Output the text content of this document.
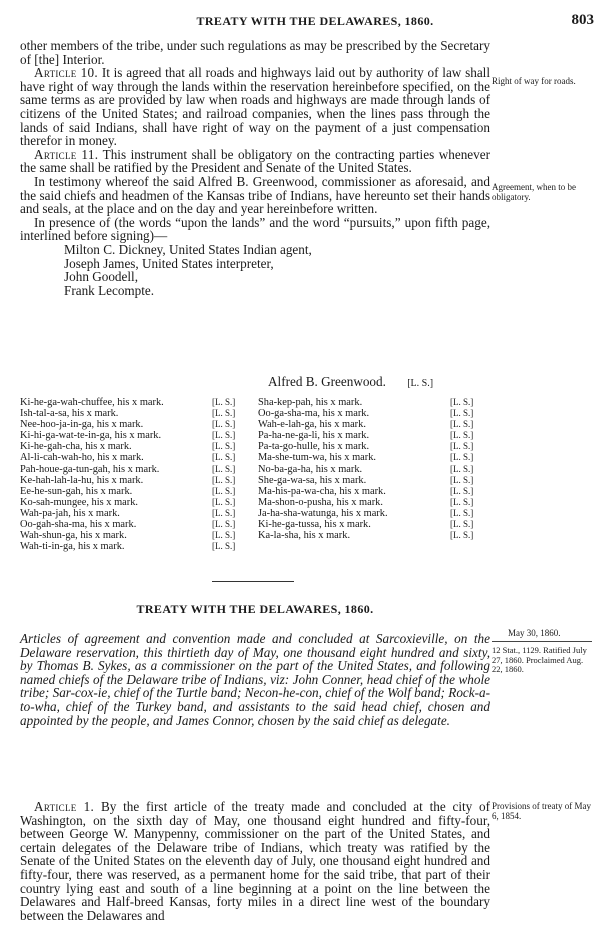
TREATY WITH THE DELAWARES, 1860.	803

other members of the tribe, under such regulations as may be prescribed by the Secretary of [the] Interior.

Article 10. It is agreed that all roads and highways laid out by authority of law shall have right of way through the lands within the reservation hereinbefore specified, on the same terms as are provided by law when roads and highways are made through lands of citizens of the United States; and railroad companies, when the lines pass through the lands of said Indians, shall have right of way on the payment of a just compensation therefor in money.

Article 11. This instrument shall be obligatory on the contracting parties whenever the same shall be ratified by the President and Senate of the United States.

In testimony whereof the said Alfred B. Greenwood, commissioner as aforesaid, and the said chiefs and headmen of the Kansas tribe of Indians, have hereunto set their hands and seals, at the place and on the day and year hereinbefore written.

In presence of (the words “upon the lands” and the word “pursuits,” upon fifth page, interlined before signing)—

Milton C. Dickney, United States Indian agent,
Joseph James, United States interpreter,
John Goodell,
Frank Lecompte.
Right of way for roads.
Agreement, when to be obligatory.
Alfred B. Greenwood. [L. S.]
Ki-he-ga-wah-chuffee, his x mark.	[L. S.]
Ish-tal-a-sa, his x mark.	[L. S.]
Nee-hoo-ja-in-ga, his x mark.	[L. S.]
Ki-hi-ga-wat-te-in-ga, his x mark.	[L. S.]
Ki-he-gah-cha, his x mark.	[L. S.]
Al-li-cah-wah-ho, his x mark.	[L. S.]
Pah-houe-ga-tun-gah, his x mark.	[L. S.]
Ke-hah-lah-la-hu, his x mark.	[L. S.]
Ee-he-sun-gah, his x mark.	[L. S.]
Ko-sah-mungee, his x mark.	[L. S.]
Wah-pa-jah, his x mark.	[L. S.]
Oo-gah-sha-ma, his x mark.	[L. S.]
Wah-shun-ga, his x mark.	[L. S.]
Wah-ti-in-ga, his x mark.	[L. S.]
Sha-kep-pah, his x mark.	[L. S.]
Oo-ga-sha-ma, his x mark.	[L. S.]
Wah-e-lah-ga, his x mark.	[L. S.]
Pa-ha-ne-ga-li, his x mark.	[L. S.]
Pa-ta-go-hulle, his x mark.	[L. S.]
Ma-she-tum-wa, his x mark.	[L. S.]
No-ba-ga-ha, his x mark.	[L. S.]
She-ga-wa-sa, his x mark.	[L. S.]
Ma-his-pa-wa-cha, his x mark.	[L. S.]
Ma-shon-o-pusha, his x mark.	[L. S.]
Ja-ha-sha-watunga, his x mark.	[L. S.]
Ki-he-ga-tussa, his x mark.	[L. S.]
Ka-la-sha, his x mark.	[L. S.]
TREATY WITH THE DELAWARES, 1860.

Articles of agreement and convention made and concluded at Sarcoxieville, on the Delaware reservation, this thirtieth day of May, one thousand eight hundred and sixty, by Thomas B. Sykes, as a commissioner on the part of the United States, and following named chiefs of the Delaware tribe of Indians, viz: John Conner, head chief of the whole tribe; Sar-cox-ie, chief of the Turtle band; Necon-he-con, chief of the Wolf band; Rock-a-to-wha, chief of the Turkey band, and assistants to the said head chief, chosen and appointed by the people, and James Connor, chosen by the said chief as delegate.

May 30, 1860.
12 Stat., 1129. Ratified July 27, 1860. Proclaimed Aug. 22, 1860.

Article 1. By the first article of the treaty made and concluded at the city of Washington, on the sixth day of May, one thousand eight hundred and fifty-four, between George W. Manypenny, commissioner on the part of the United States, and certain delegates of the Delaware tribe of Indians, which treaty was ratified by the Senate of the United States on the eleventh day of July, one thousand eight hundred and fifty-four, there was reserved, as a permanent home for the said tribe, that part of their country lying east and south of a line beginning at a point on the line between the Delawares and Half-breed Kansas, forty miles in a direct line west of the boundary between the Delawares and

Provisions of treaty of May 6, 1854.
